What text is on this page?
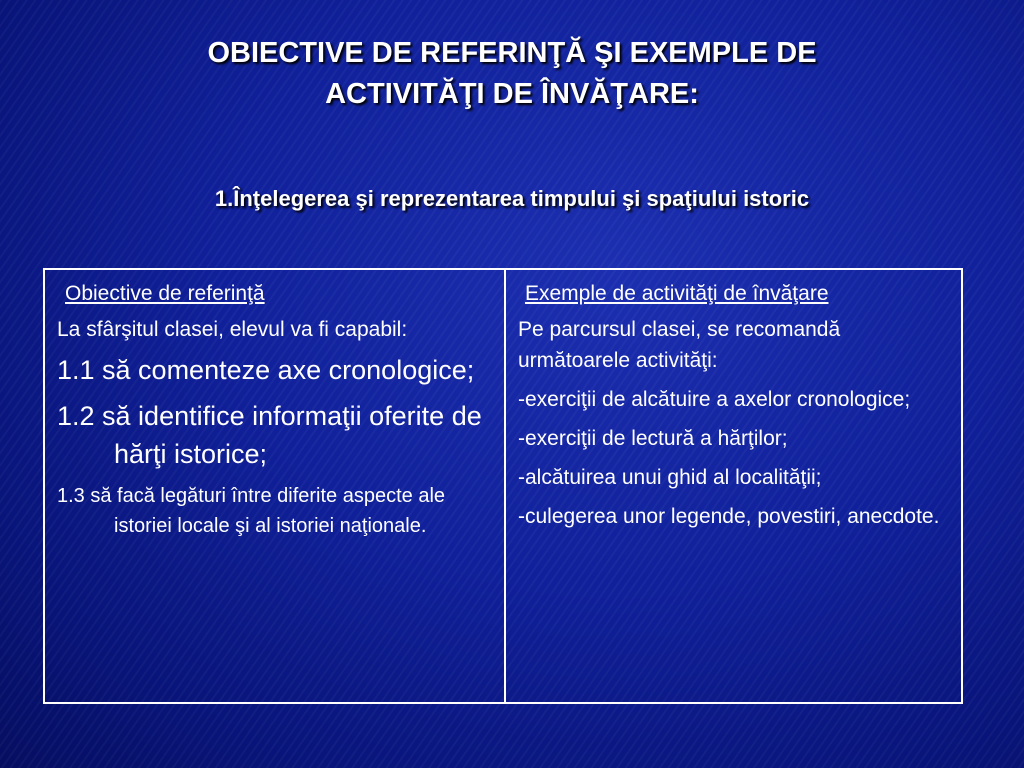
OBIECTIVE DE REFERINŢĂ ŞI EXEMPLE DE
ACTIVITĂŢI DE ÎNVĂŢARE:
1.Înţelegerea şi reprezentarea timpului şi spaţiului istoric
Obiective de referinţă
La sfârşitul clasei, elevul va fi capabil:
1.1 să comenteze axe cronologice;
1.2 să identifice informaţii oferite de hărţi istorice;
1.3 să facă legături între diferite aspecte ale istoriei locale şi al istoriei naţionale.
Exemple de activităţi de învăţare
Pe parcursul clasei, se recomandă următoarele activităţi:
-exerciţii de alcătuire a axelor cronologice;
-exerciţii de lectură a hărţilor;
-alcătuirea unui ghid al localităţii;
-culegerea unor legende, povestiri, anecdote.
